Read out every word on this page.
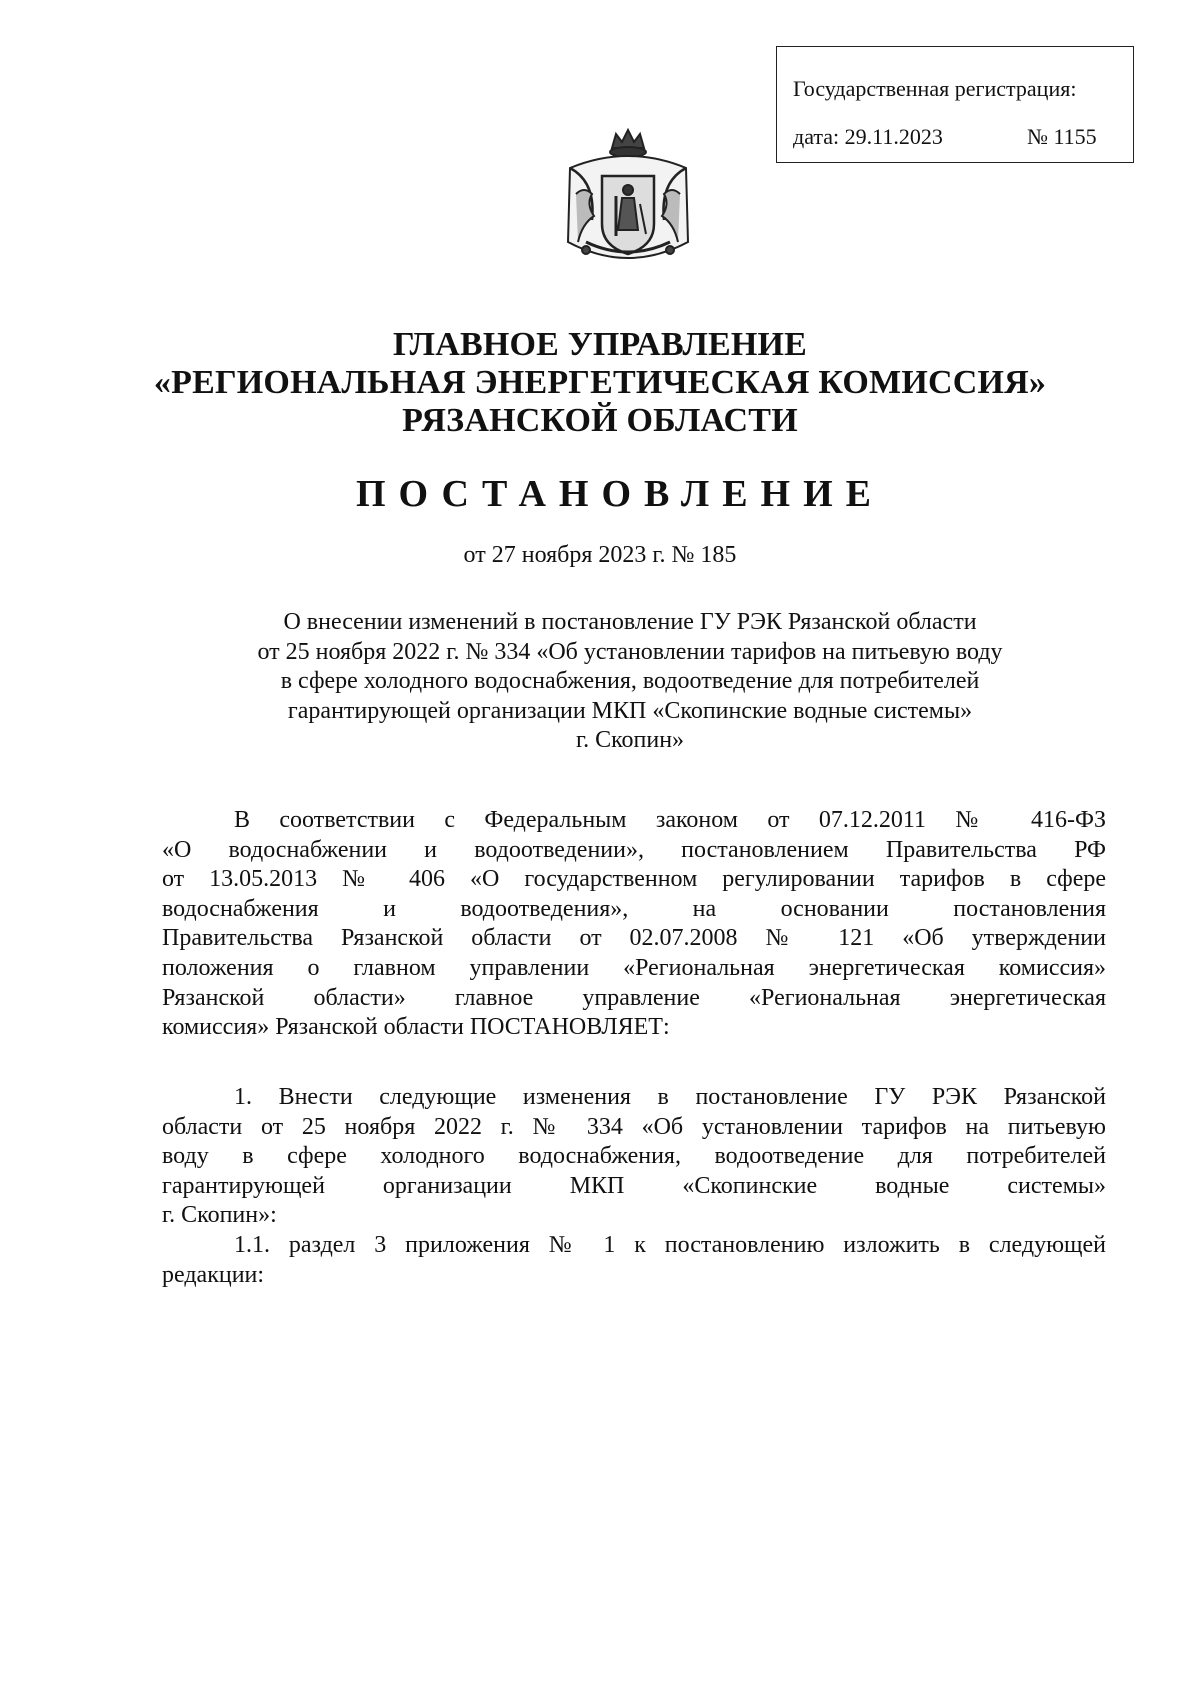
Государственная регистрация:
дата: 29.11.2023	№ 1155
ГЛАВНОЕ УПРАВЛЕНИЕ
«РЕГИОНАЛЬНАЯ ЭНЕРГЕТИЧЕСКАЯ КОМИССИЯ»
РЯЗАНСКОЙ ОБЛАСТИ
ПОСТАНОВЛЕНИЕ
от 27 ноября 2023 г. № 185
О внесении изменений в постановление ГУ РЭК Рязанской области
от 25 ноября 2022 г. № 334 «Об установлении тарифов на питьевую воду
в сфере холодного водоснабжения, водоотведение для потребителей
гарантирующей организации МКП «Скопинские водные системы»
г. Скопин»
В соответствии с Федеральным законом от 07.12.2011 № 416-ФЗ
«О водоснабжении и водоотведении», постановлением Правительства РФ
от 13.05.2013 № 406 «О государственном регулировании тарифов в сфере
водоснабжения и водоотведения», на основании постановления
Правительства Рязанской области от 02.07.2008 № 121 «Об утверждении
положения о главном управлении «Региональная энергетическая комиссия»
Рязанской области» главное управление «Региональная энергетическая
комиссия» Рязанской области ПОСТАНОВЛЯЕТ:
1. Внести следующие изменения в постановление ГУ РЭК Рязанской
области от 25 ноября 2022 г. № 334 «Об установлении тарифов на питьевую
воду в сфере холодного водоснабжения, водоотведение для потребителей
гарантирующей организации МКП «Скопинские водные системы»
г. Скопин»:
1.1. раздел 3 приложения № 1 к постановлению изложить в следующей
редакции:
